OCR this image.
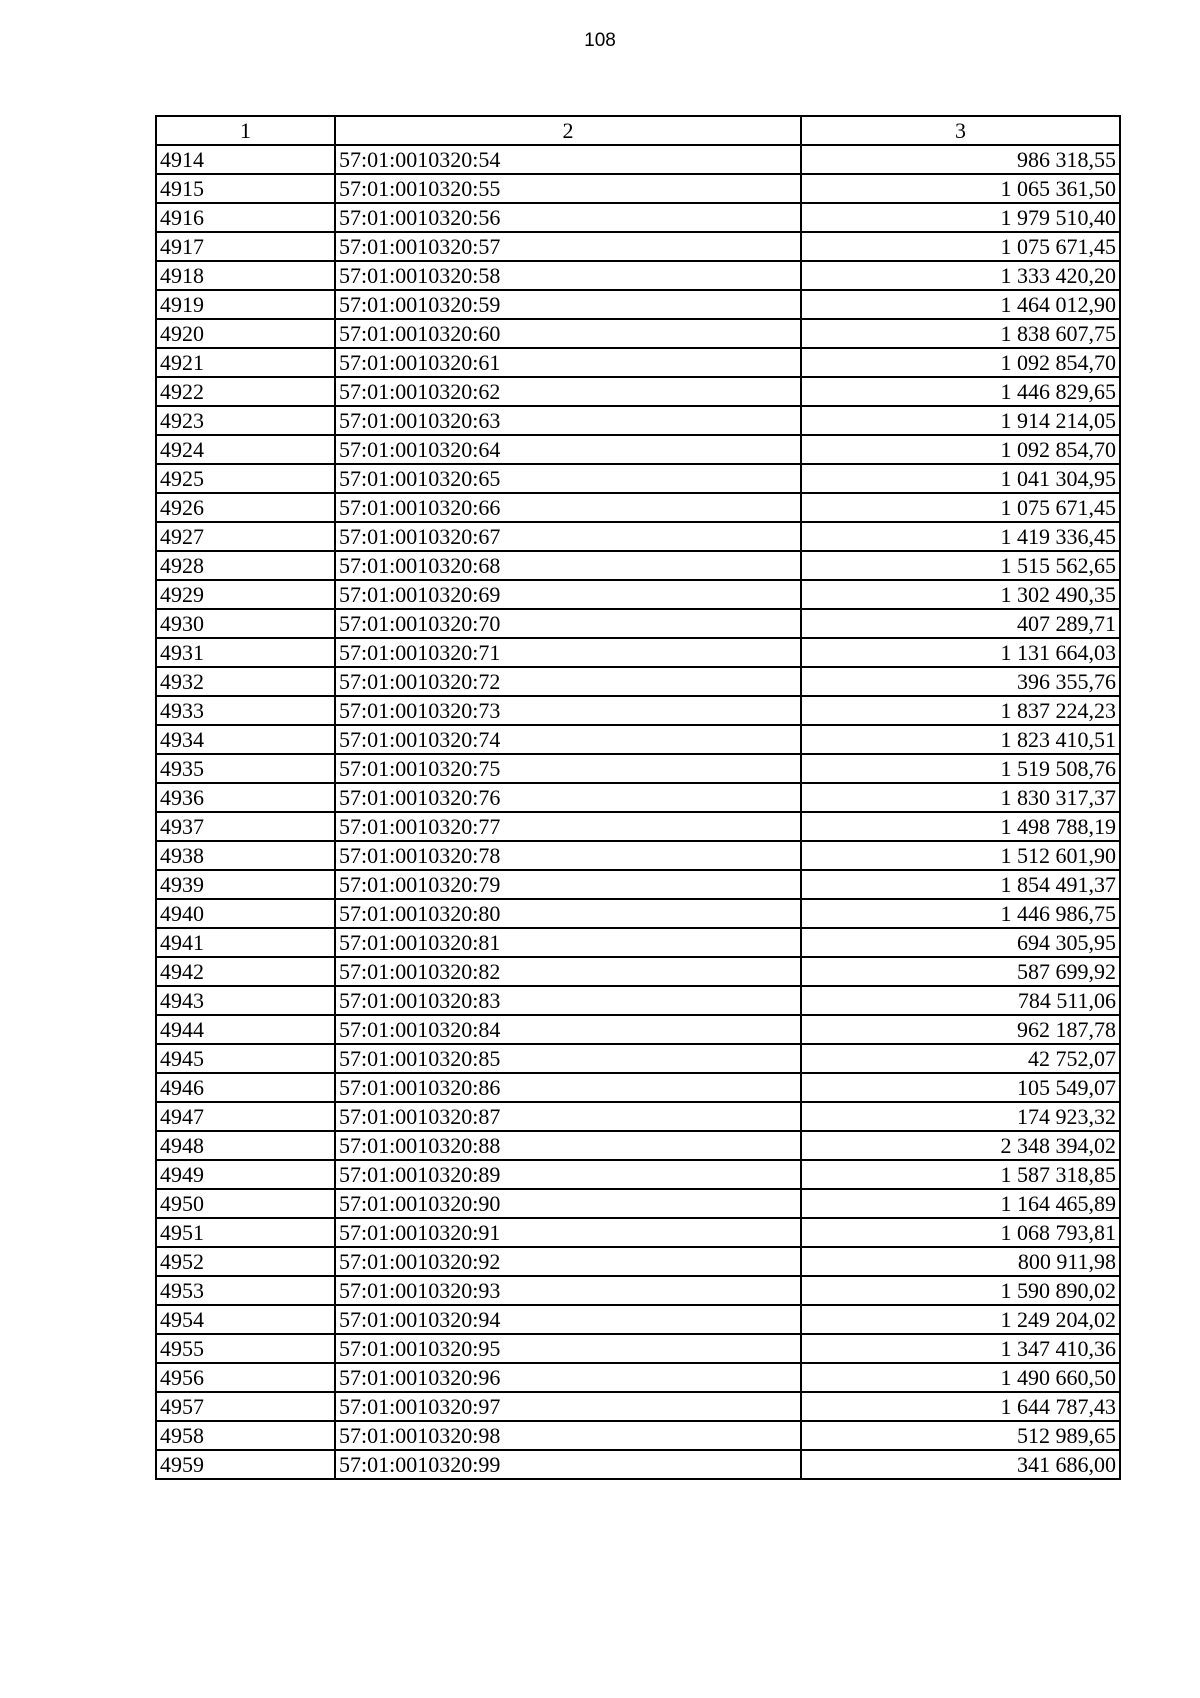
108
1	2	3
4914	57:01:0010320:54	986 318,55
4915	57:01:0010320:55	1 065 361,50
4916	57:01:0010320:56	1 979 510,40
4917	57:01:0010320:57	1 075 671,45
4918	57:01:0010320:58	1 333 420,20
4919	57:01:0010320:59	1 464 012,90
4920	57:01:0010320:60	1 838 607,75
4921	57:01:0010320:61	1 092 854,70
4922	57:01:0010320:62	1 446 829,65
4923	57:01:0010320:63	1 914 214,05
4924	57:01:0010320:64	1 092 854,70
4925	57:01:0010320:65	1 041 304,95
4926	57:01:0010320:66	1 075 671,45
4927	57:01:0010320:67	1 419 336,45
4928	57:01:0010320:68	1 515 562,65
4929	57:01:0010320:69	1 302 490,35
4930	57:01:0010320:70	407 289,71
4931	57:01:0010320:71	1 131 664,03
4932	57:01:0010320:72	396 355,76
4933	57:01:0010320:73	1 837 224,23
4934	57:01:0010320:74	1 823 410,51
4935	57:01:0010320:75	1 519 508,76
4936	57:01:0010320:76	1 830 317,37
4937	57:01:0010320:77	1 498 788,19
4938	57:01:0010320:78	1 512 601,90
4939	57:01:0010320:79	1 854 491,37
4940	57:01:0010320:80	1 446 986,75
4941	57:01:0010320:81	694 305,95
4942	57:01:0010320:82	587 699,92
4943	57:01:0010320:83	784 511,06
4944	57:01:0010320:84	962 187,78
4945	57:01:0010320:85	42 752,07
4946	57:01:0010320:86	105 549,07
4947	57:01:0010320:87	174 923,32
4948	57:01:0010320:88	2 348 394,02
4949	57:01:0010320:89	1 587 318,85
4950	57:01:0010320:90	1 164 465,89
4951	57:01:0010320:91	1 068 793,81
4952	57:01:0010320:92	800 911,98
4953	57:01:0010320:93	1 590 890,02
4954	57:01:0010320:94	1 249 204,02
4955	57:01:0010320:95	1 347 410,36
4956	57:01:0010320:96	1 490 660,50
4957	57:01:0010320:97	1 644 787,43
4958	57:01:0010320:98	512 989,65
4959	57:01:0010320:99	341 686,00
